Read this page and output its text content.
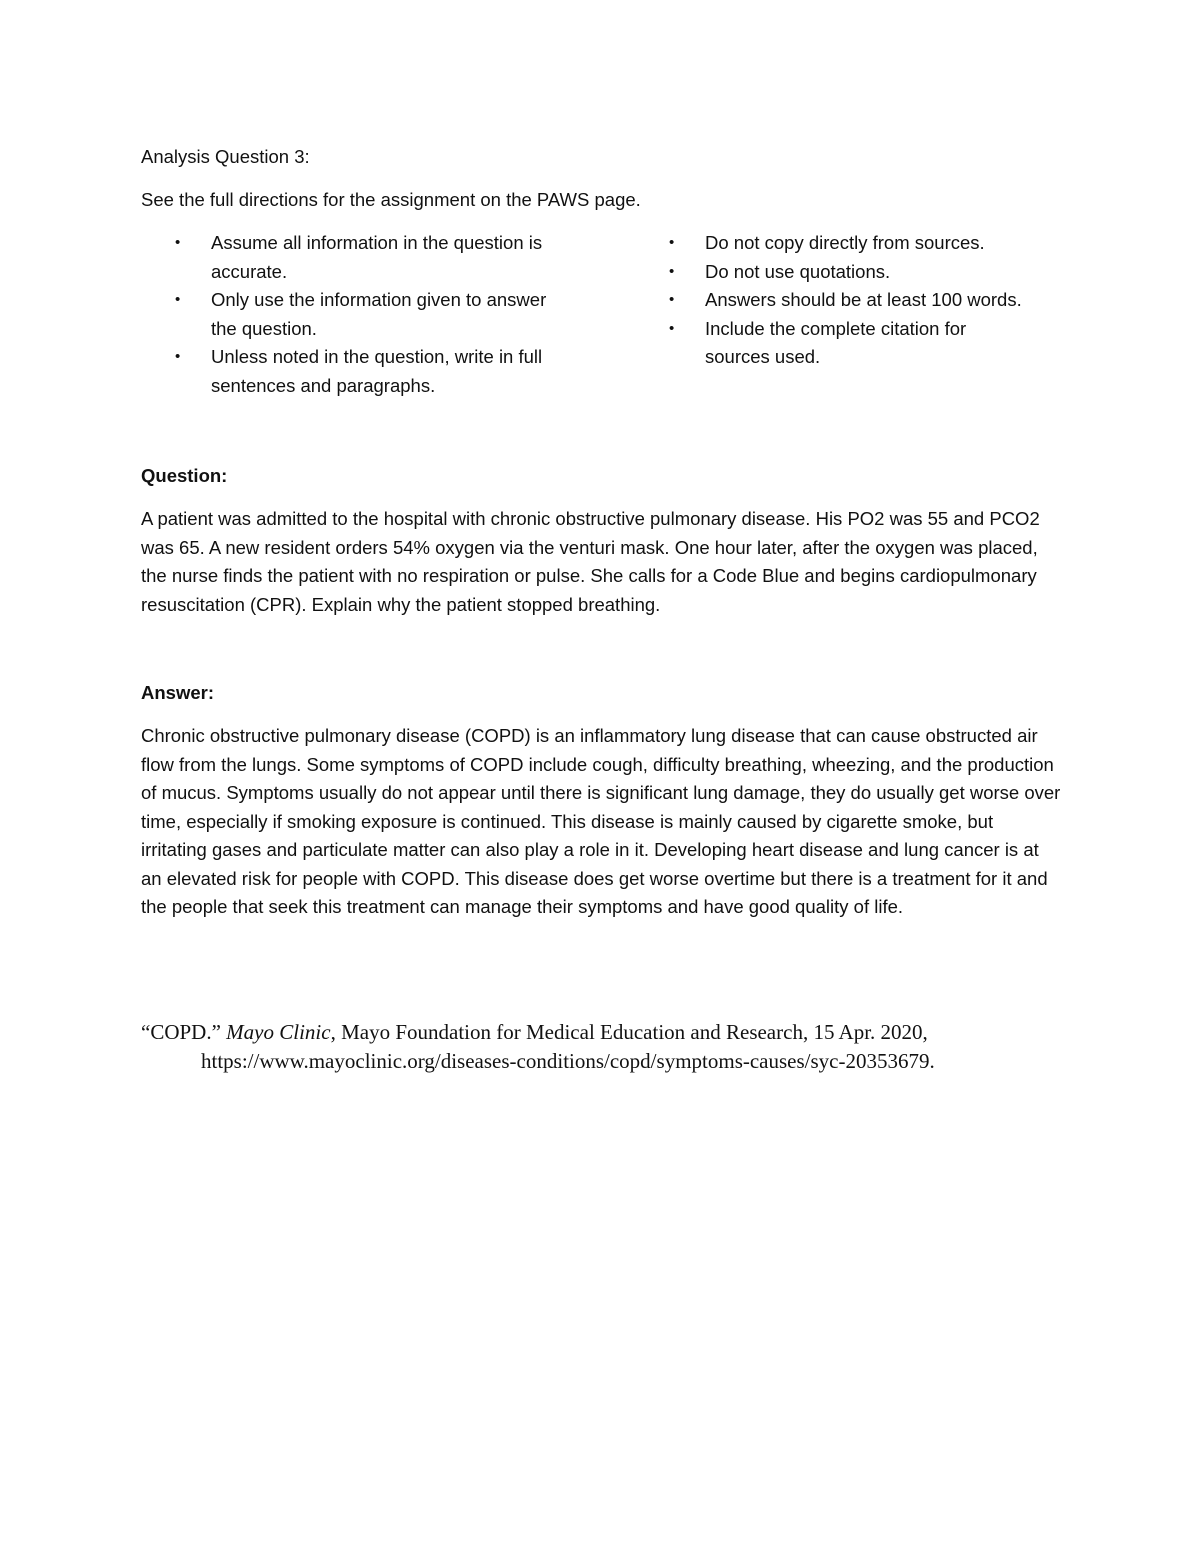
Analysis Question 3:
See the full directions for the assignment on the PAWS page.
• Assume all information in the question is accurate.
• Only use the information given to answer the question.
• Unless noted in the question, write in full sentences and paragraphs.
• Do not copy directly from sources.
• Do not use quotations.
• Answers should be at least 100 words.
• Include the complete citation for sources used.
Question:

A patient was admitted to the hospital with chronic obstructive pulmonary disease. His PO2 was 55 and PCO2 was 65. A new resident orders 54% oxygen via the venturi mask. One hour later, after the oxygen was placed, the nurse finds the patient with no respiration or pulse. She calls for a Code Blue and begins cardiopulmonary resuscitation (CPR). Explain why the patient stopped breathing.

Answer:

Chronic obstructive pulmonary disease (COPD) is an inflammatory lung disease that can cause obstructed air flow from the lungs. Some symptoms of COPD include cough, difficulty breathing, wheezing, and the production of mucus. Symptoms usually do not appear until there is significant lung damage, they do usually get worse over time, especially if smoking exposure is continued. This disease is mainly caused by cigarette smoke, but irritating gases and particulate matter can also play a role in it. Developing heart disease and lung cancer is at an elevated risk for people with COPD. This disease does get worse overtime but there is a treatment for it and the people that seek this treatment can manage their symptoms and have good quality of life.

“COPD.” Mayo Clinic, Mayo Foundation for Medical Education and Research, 15 Apr. 2020, https://www.mayoclinic.org/diseases-conditions/copd/symptoms-causes/syc-20353679.
